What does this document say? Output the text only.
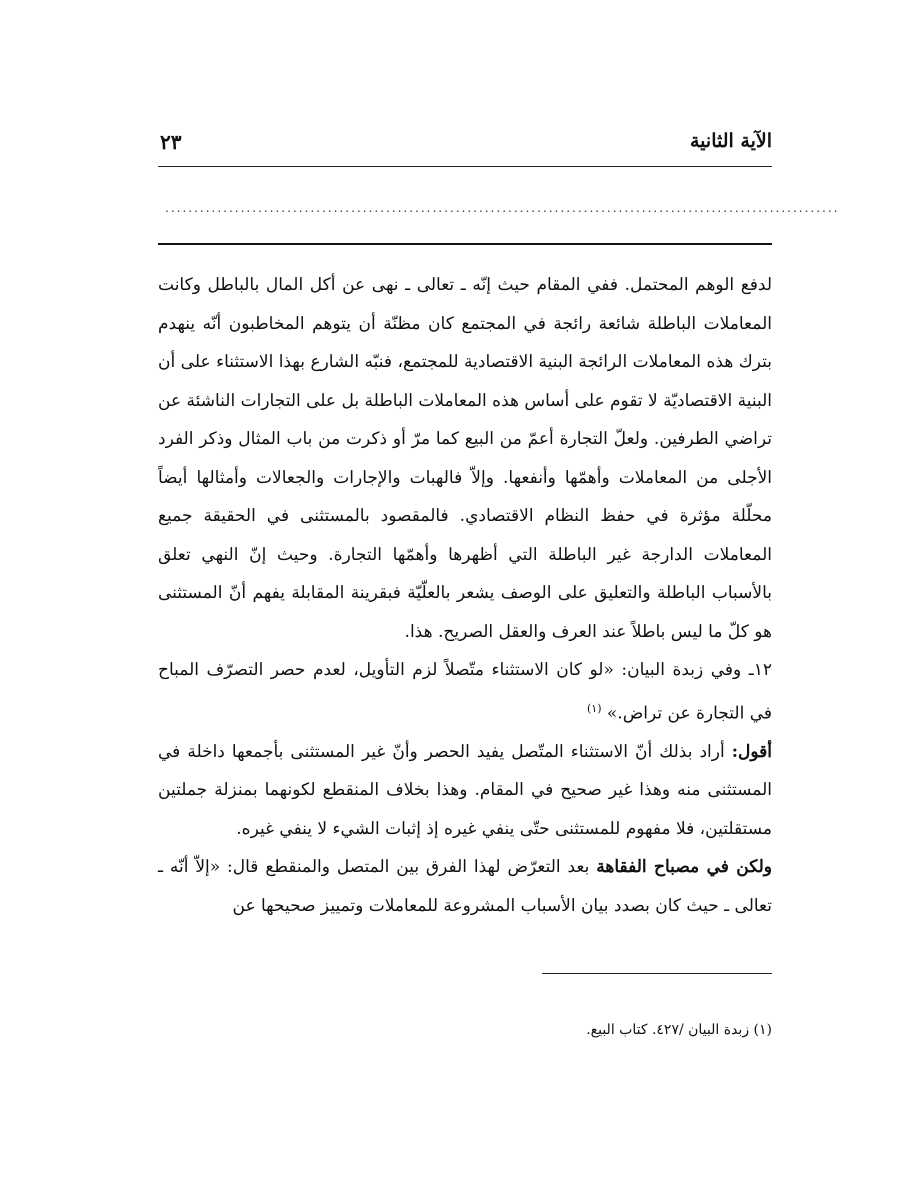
الآية الثانية
٢٣
....................................................................................................................

لدفع الوهم المحتمل. ففي المقام حيث إنّه ـ تعالى ـ نهى عن أكل المال بالباطل وكانت المعاملات الباطلة شائعة رائجة في المجتمع كان مظنّة أن يتوهم المخاطبون أنّه ينهدم بترك هذه المعاملات الرائجة البنية الاقتصادية للمجتمع، فنبّه الشارع بهذا الاستثناء على أن البنية الاقتصاديّة لا تقوم على أساس هذه المعاملات الباطلة بل على التجارات الناشئة عن تراضي الطرفين. ولعلّ التجارة أعمّ من البيع كما مرّ أو ذكرت من باب المثال وذكر الفرد الأجلى من المعاملات وأهمّها وأنفعها. وإلاّ فالهبات والإجارات والجعالات وأمثالها أيضاً محلّلة مؤثرة في حفظ النظام الاقتصادي. فالمقصود بالمستثنى في الحقيقة جميع المعاملات الدارجة غير الباطلة التي أظهرها وأهمّها التجارة. وحيث إنّ النهي تعلق بالأسباب الباطلة والتعليق على الوصف يشعر بالعلّيّة فبقرينة المقابلة يفهم أنّ المستثنى هو كلّ ما ليس باطلاً عند العرف والعقل الصريح. هذا.

١٢ـ وفي زبدة البيان: «لو كان الاستثناء متّصلاً لزم التأويل، لعدم حصر التصرّف المباح في التجارة عن تراض.» $^{(١)}$

أقول: أراد بذلك أنّ الاستثناء المتّصل يفيد الحصر وأنّ غير المستثنى بأجمعها داخلة في المستثنى منه وهذا غير صحيح في المقام. وهذا بخلاف المنقطع لكونهما بمنزلة جملتين مستقلتين، فلا مفهوم للمستثنى حتّى ينفي غيره إذ إثبات الشيء لا ينفي غيره.

ولكن في مصباح الفقاهة بعد التعرّض لهذا الفرق بين المتصل والمنقطع قال: «إلاّ أنّه ـ تعالى ـ حيث كان بصدد بيان الأسباب المشروعة للمعاملات وتمييز صحيحها عن

(١) زبدة البيان /٤٢٧. كتاب البيع.
